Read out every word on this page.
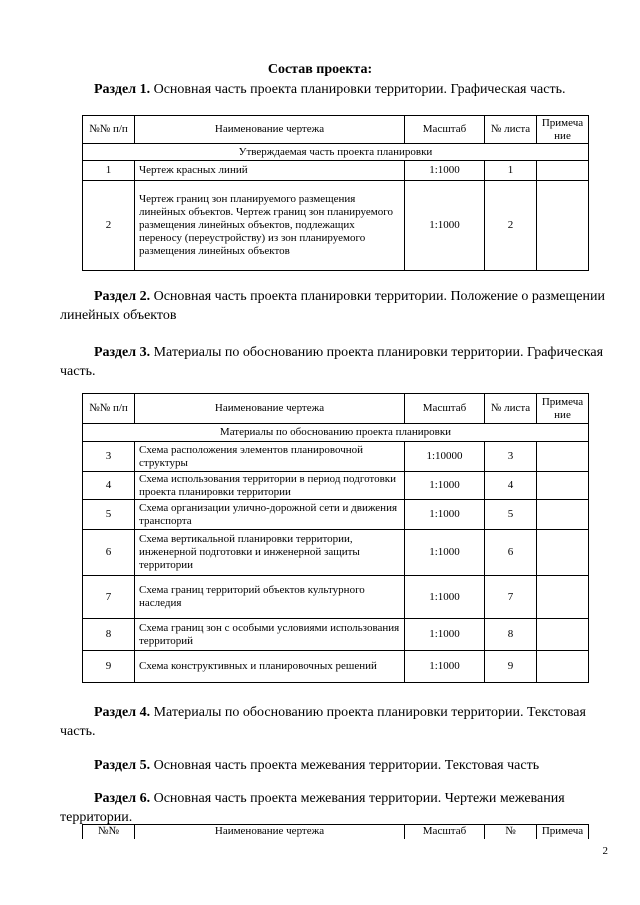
Состав проекта:
Раздел 1. Основная часть проекта планировки территории. Графическая часть.
№№ п/п	Наименование чертежа	Масштаб	№ листа	Примеча ние
Утверждаемая часть проекта планировки				
1	Чертеж красных линий	1:1000	1	
2	Чертеж границ зон планируемого размещения линейных объектов. Чертеж границ зон планируемого размещения линейных объектов, подлежащих переносу (переустройству) из зон планируемого размещения линейных объектов	1:1000	2	
Раздел 2. Основная часть проекта планировки территории. Положение о размещении линейных объектов
Раздел 3. Материалы по обоснованию проекта планировки территории. Графическая часть.
№№ п/п	Наименование чертежа	Масштаб	№ листа	Примеча ние
Материалы по обоснованию проекта планировки				
3	Схема расположения элементов планировочной структуры	1:10000	3	
4	Схема использования территории в период подготовки проекта планировки территории	1:1000	4	
5	Схема организации улично-дорожной сети и движения транспорта	1:1000	5	
6	Схема вертикальной планировки территории, инженерной подготовки и инженерной защиты территории	1:1000	6	
7	Схема границ территорий объектов культурного наследия	1:1000	7	
8	Схема границ зон с особыми условиями использования территорий	1:1000	8	
9	Схема конструктивных и планировочных решений	1:1000	9	
Раздел 4. Материалы по обоснованию проекта планировки территории. Текстовая часть.
Раздел 5. Основная часть проекта межевания территории. Текстовая часть
Раздел 6. Основная часть проекта межевания территории. Чертежи межевания территории.
№№	Наименование чертежа	Масштаб	№	Примеча
2
